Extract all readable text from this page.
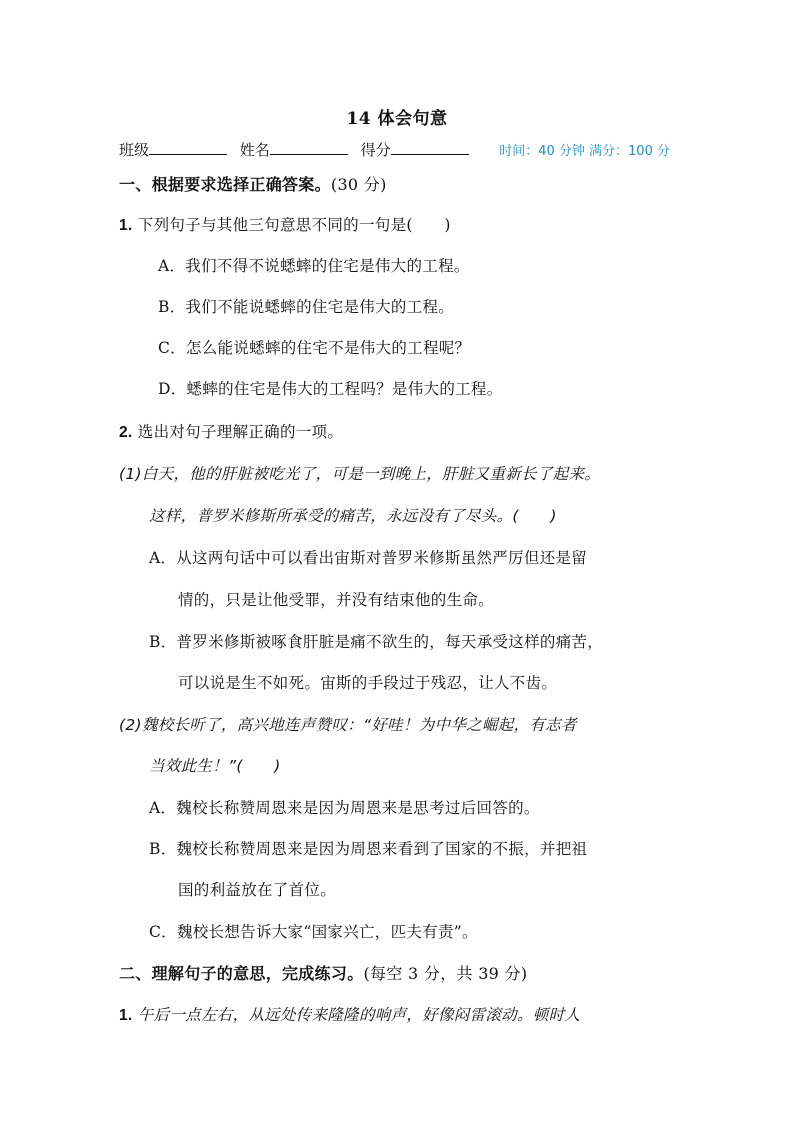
14 体会句意
班级	姓名	得分	时间：40 分钟 满分：100 分
一、根据要求选择正确答案。(30 分)
1. 下列句子与其他三句意思不同的一句是(　　)
A．我们不得不说蟋蟀的住宅是伟大的工程。
B．我们不能说蟋蟀的住宅是伟大的工程。
C．怎么能说蟋蟀的住宅不是伟大的工程呢？
D．蟋蟀的住宅是伟大的工程吗？是伟大的工程。
2. 选出对句子理解正确的一项。
(1)白天，他的肝脏被吃光了，可是一到晚上，肝脏又重新长了起来。
这样，普罗米修斯所承受的痛苦，永远没有了尽头。(　　)
A．从这两句话中可以看出宙斯对普罗米修斯虽然严厉但还是留
情的，只是让他受罪，并没有结束他的生命。
B．普罗米修斯被啄食肝脏是痛不欲生的，每天承受这样的痛苦，
可以说是生不如死。宙斯的手段过于残忍，让人不齿。
(2)魏校长听了，高兴地连声赞叹：“好哇！为中华之崛起，有志者
当效此生！”(　　)
A．魏校长称赞周恩来是因为周恩来是思考过后回答的。
B．魏校长称赞周恩来是因为周恩来看到了国家的不振，并把祖
国的利益放在了首位。
C．魏校长想告诉大家“国家兴亡，匹夫有责”。
二、理解句子的意思，完成练习。(每空 3 分，共 39 分)
1. 午后一点左右，从远处传来隆隆的响声，好像闷雷滚动。顿时人
